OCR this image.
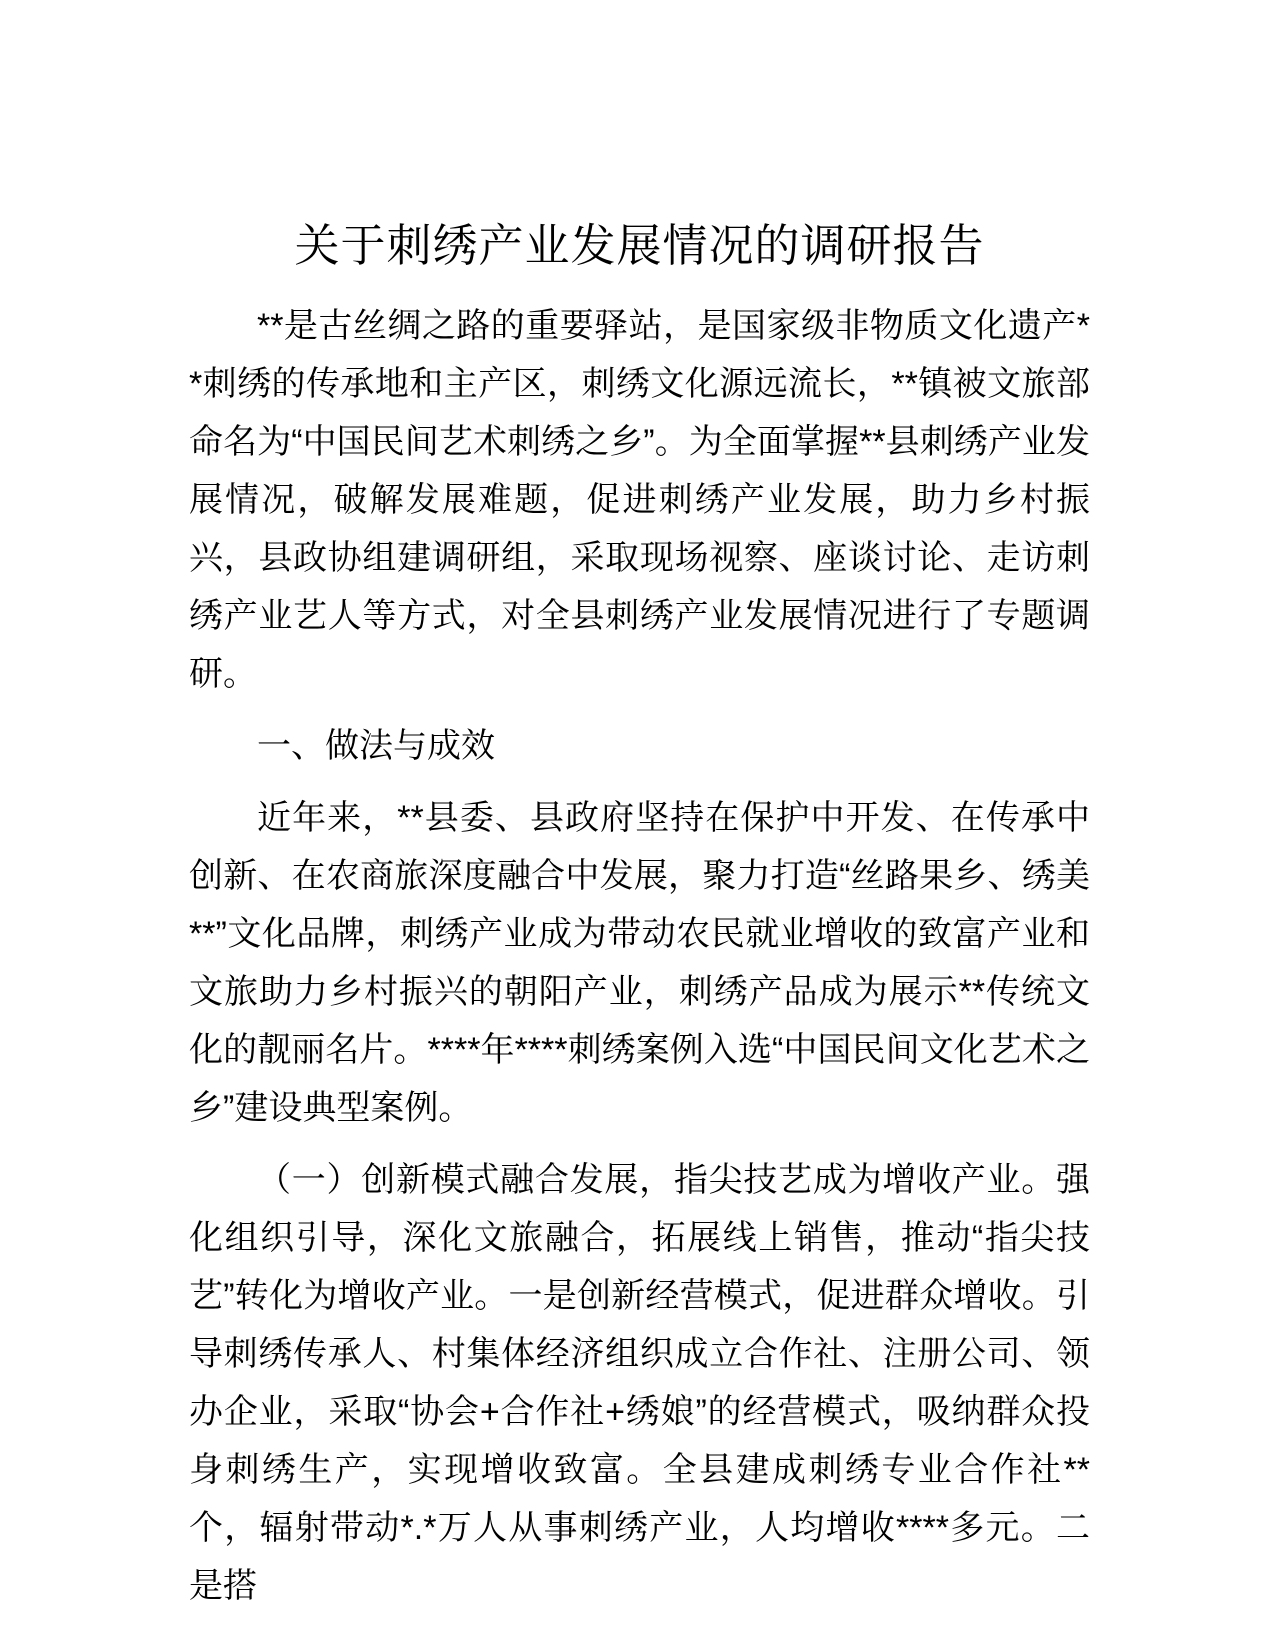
关于刺绣产业发展情况的调研报告

**是古丝绸之路的重要驿站，是国家级非物质文化遗产**刺绣的传承地和主产区，刺绣文化源远流长，**镇被文旅部命名为“中国民间艺术刺绣之乡”。为全面掌握**县刺绣产业发展情况，破解发展难题，促进刺绣产业发展，助力乡村振兴，县政协组建调研组，采取现场视察、座谈讨论、走访刺绣产业艺人等方式，对全县刺绣产业发展情况进行了专题调研。

一、做法与成效

近年来，**县委、县政府坚持在保护中开发、在传承中创新、在农商旅深度融合中发展，聚力打造“丝路果乡、绣美**”文化品牌，刺绣产业成为带动农民就业增收的致富产业和文旅助力乡村振兴的朝阳产业，刺绣产品成为展示**传统文化的靓丽名片。****年****刺绣案例入选“中国民间文化艺术之乡”建设典型案例。

（一）创新模式融合发展，指尖技艺成为增收产业。强化组织引导，深化文旅融合，拓展线上销售，推动“指尖技艺”转化为增收产业。一是创新经营模式，促进群众增收。引导刺绣传承人、村集体经济组织成立合作社、注册公司、领办企业，采取“协会+合作社+绣娘”的经营模式，吸纳群众投身刺绣生产，实现增收致富。全县建成刺绣专业合作社**个，辐射带动*.*万人从事刺绣产业，人均增收****多元。二是搭
